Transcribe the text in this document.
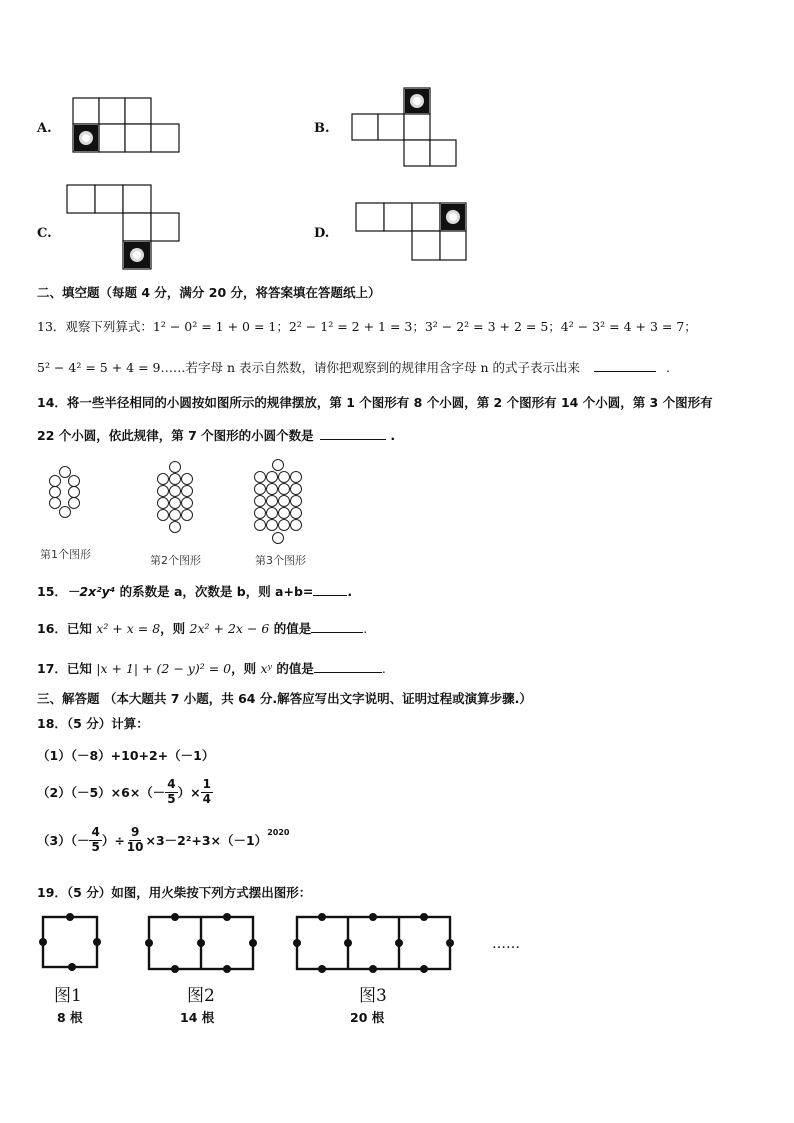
A.	B.
C.	D.
二、填空题（每题 4 分，满分 20 分，将答案填在答题纸上）
13．观察下列算式：1² − 0² = 1 + 0 = 1；2² − 1² = 2 + 1 = 3；3² − 2² = 3 + 2 = 5；4² − 3² = 4 + 3 = 7；
5² − 4² = 5 + 4 = 9……若字母 n 表示自然数，请你把观察到的规律用含字母 n 的式子表示出来	.
14．将一些半径相同的小圆按如图所示的规律摆放，第 1 个图形有 8 个小圆，第 2 个图形有 14 个小圆，第 3 个图形有
22 个小圆，依此规律，第 7 个图形的小圆个数是	.
第1个图形	第2个图形	第3个图形
15．－2x²y⁴ 的系数是 a，次数是 b，则 a+b=	.
16．已知 x² + x = 8，则 2x² + 2x − 6 的值是	.
17．已知 |x + 1| + (2 − y)² = 0，则 xʸ 的值是	.
三、解答题 （本大题共 7 小题，共 64 分.解答应写出文字说明、证明过程或演算步骤.）
18．（5 分）计算：
（1）（－8）+10+2+（－1）
$(2)(-5)\times 6\times(- \frac{4}{5}$ ）× $\frac{1}{4}$
$(3)(- \frac{4}{5}$ ）÷ $\frac{9}{10} \times 3-2^2+3\times(-1)$
$^{2020}$
19．（5 分）如图，用火柴按下列方式摆出图形：
……
图1	图2	图3
8 根	14 根	20 根
